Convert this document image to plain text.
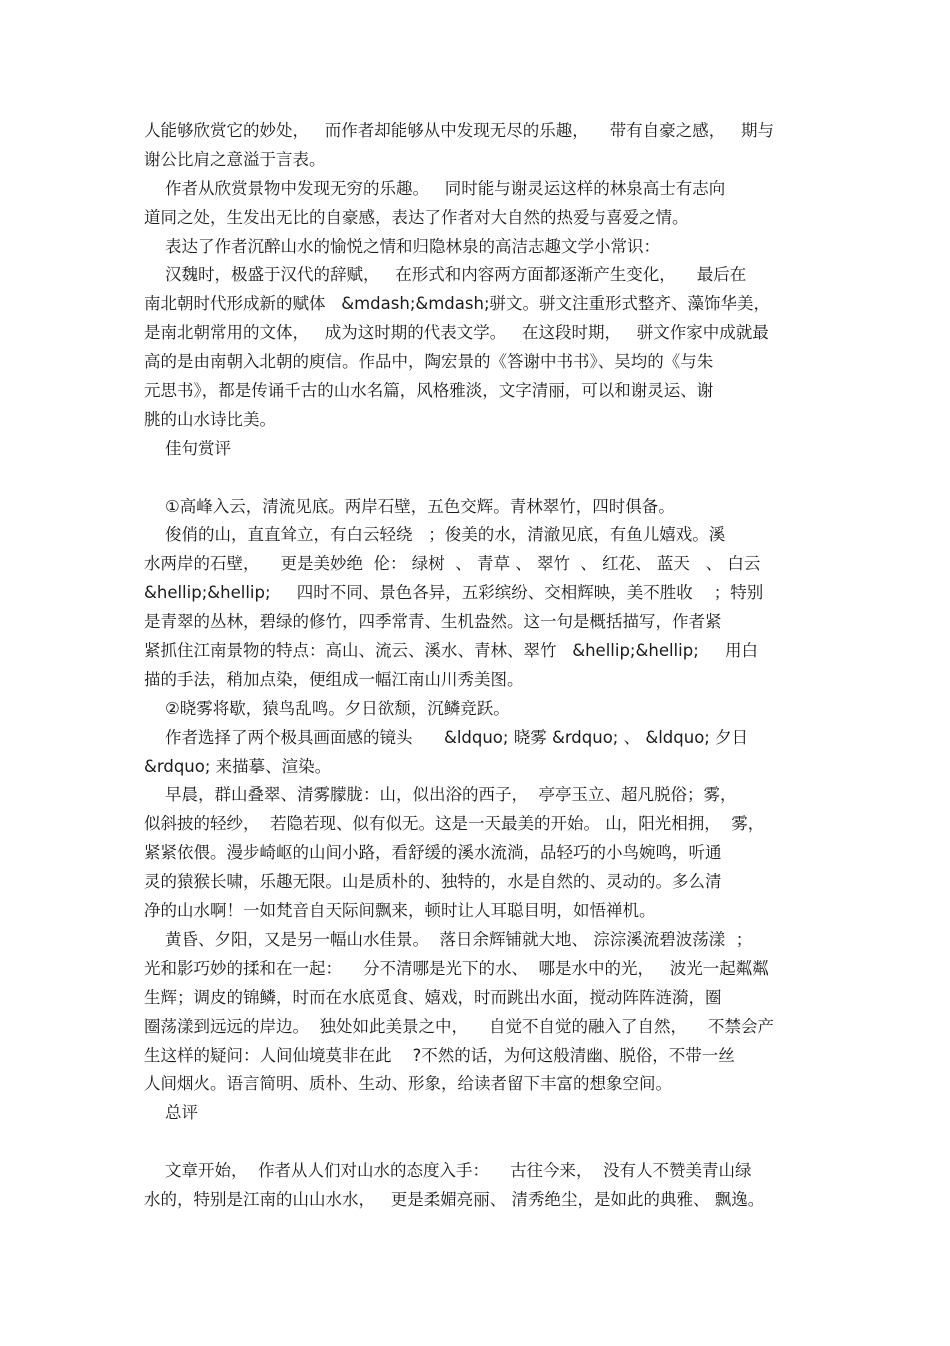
人能够欣赏它的妙处，   而作者却能够从中发现无尽的乐趣，    带有自豪之感，   期与
谢公比肩之意溢于言表。
作者从欣赏景物中发现无穷的乐趣。   同时能与谢灵运这样的林泉高士有志向
道同之处，生发出无比的自豪感，表达了作者对大自然的热爱与喜爱之情。
表达了作者沉醉山水的愉悦之情和归隐林泉的高洁志趣文学小常识：
汉魏时，极盛于汉代的辞赋，   在形式和内容两方面都逐渐产生变化，    最后在
南北朝时代形成新的赋体   &mdash;&mdash;骈文。骈文注重形式整齐、藻饰华美，
是南北朝常用的文体，   成为这时期的代表文学。   在这段时期，   骈文作家中成就最
高的是由南朝入北朝的庾信。作品中，陶宏景的《答谢中书书》、吴均的《与朱
元思书》，都是传诵千古的山水名篇，风格雅淡，文字清丽，可以和谢灵运、谢
朓的山水诗比美。
佳句赏评
①高峰入云，清流见底。两岸石壁，五色交辉。青林翠竹，四时俱备。
俊俏的山，直直耸立，有白云轻绕   ；俊美的水，清澈见底，有鱼儿嬉戏。溪
水两岸的石壁，    更是美妙绝  伦： 绿树  、 青草 、 翠竹  、 红花、 蓝天   、 白云
&hellip;&hellip;     四时不同、景色各异，五彩缤纷、交相辉映，美不胜收    ；特别
是青翠的丛林，碧绿的修竹，四季常青、生机盎然。这一句是概括描写，作者紧
紧抓住江南景物的特点：高山、流云、溪水、青林、翠竹   &hellip;&hellip;     用白
描的手法，稍加点染，便组成一幅江南山川秀美图。
②晓雾将歇，猿鸟乱鸣。夕日欲颓，沉鳞竞跃。
作者选择了两个极具画面感的镜头      &ldquo; 晓雾 &rdquo; 、 &ldquo; 夕日
&rdquo; 来描摹、渲染。
早晨，群山叠翠、清雾朦胧：山，似出浴的西子，  亭亭玉立、超凡脱俗；雾，
似斜披的轻纱，  若隐若现、似有似无。这是一天最美的开始。 山，阳光相拥，  雾，
紧紧依偎。漫步崎岖的山间小路，看舒缓的溪水流淌，品轻巧的小鸟婉鸣，听通
灵的猿猴长啸，乐趣无限。山是质朴的、独特的，水是自然的、灵动的。多么清
净的山水啊！一如梵音自天际间飘来，顿时让人耳聪目明，如悟禅机。
黄昏、夕阳，又是另一幅山水佳景。  落日余辉铺就大地、 淙淙溪流碧波荡漾  ；
光和影巧妙的揉和在一起：    分不清哪是光下的水、  哪是水中的光，   波光一起粼粼
生辉；调皮的锦鳞，时而在水底觅食、嬉戏，时而跳出水面，搅动阵阵涟漪，圈
圈荡漾到远远的岸边。  独处如此美景之中，    自觉不自觉的融入了自然，    不禁会产
生这样的疑问：人间仙境莫非在此    ?不然的话，为何这般清幽、脱俗，不带一丝
人间烟火。语言简明、质朴、生动、形象，给读者留下丰富的想象空间。
总评
文章开始，  作者从人们对山水的态度入手：    古往今来，  没有人不赞美青山绿
水的，特别是江南的山山水水，   更是柔媚亮丽、 清秀绝尘，是如此的典雅、 飘逸。
